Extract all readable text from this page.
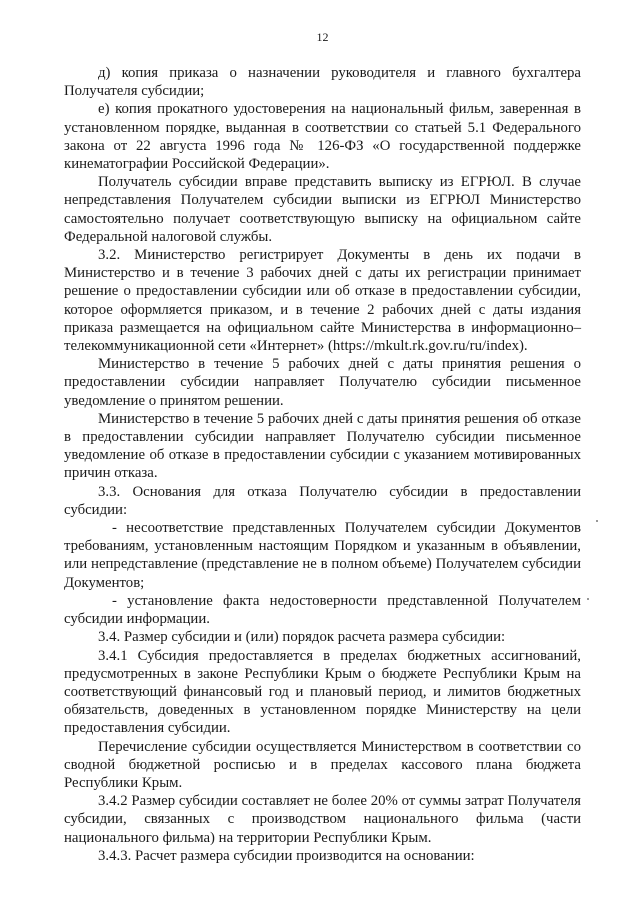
12

д) копия приказа о назначении руководителя и главного бухгалтера Получателя субсидии;

е) копия прокатного удостоверения на национальный фильм, заверенная в установленном порядке, выданная в соответствии со статьей 5.1 Федерального закона от 22 августа 1996 года № 126-ФЗ «О государственной поддержке кинематографии Российской Федерации».

Получатель субсидии вправе представить выписку из ЕГРЮЛ. В случае непредставления Получателем субсидии выписки из ЕГРЮЛ Министерство самостоятельно получает соответствующую выписку на официальном сайте Федеральной налоговой службы.

3.2. Министерство регистрирует Документы в день их подачи в Министерство и в течение 3 рабочих дней с даты их регистрации принимает решение о предоставлении субсидии или об отказе в предоставлении субсидии, которое оформляется приказом, и в течение 2 рабочих дней с даты издания приказа размещается на официальном сайте Министерства в информационно–телекоммуникационной сети «Интернет» (https://mkult.rk.gov.ru/ru/index).

Министерство в течение 5 рабочих дней с даты принятия решения о предоставлении субсидии направляет Получателю субсидии письменное уведомление о принятом решении.

Министерство в течение 5 рабочих дней с даты принятия решения об отказе в предоставлении субсидии направляет Получателю субсидии письменное уведомление об отказе в предоставлении субсидии с указанием мотивированных причин отказа.

3.3. Основания для отказа Получателю субсидии в предоставлении субсидии:

- несоответствие представленных Получателем субсидии Документов требованиям, установленным настоящим Порядком и указанным в объявлении, или непредставление (представление не в полном объеме) Получателем субсидии Документов;

- установление факта недостоверности представленной Получателем субсидии информации.

3.4. Размер субсидии и (или) порядок расчета размера субсидии:

3.4.1 Субсидия предоставляется в пределах бюджетных ассигнований, предусмотренных в законе Республики Крым о бюджете Республики Крым на соответствующий финансовый год и плановый период, и лимитов бюджетных обязательств, доведенных в установленном порядке Министерству на цели предоставления субсидии.

Перечисление субсидии осуществляется Министерством в соответствии со сводной бюджетной росписью и в пределах кассового плана бюджета Республики Крым.

3.4.2 Размер субсидии составляет не более 20% от суммы затрат Получателя субсидии, связанных с производством национального фильма (части национального фильма) на территории Республики Крым.

3.4.3. Расчет размера субсидии производится на основании:
